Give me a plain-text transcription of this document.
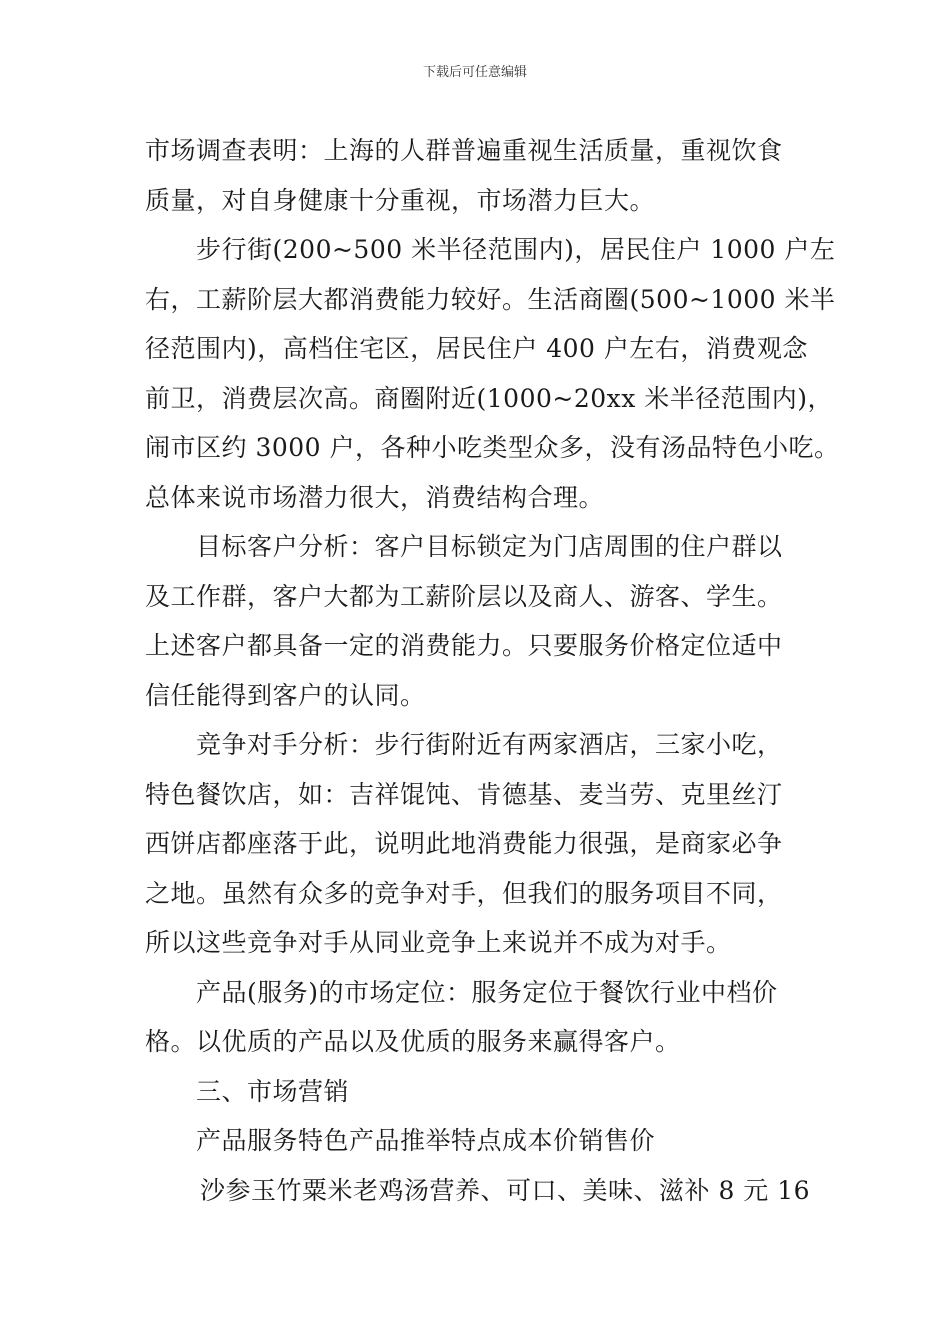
下载后可任意编辑
市场调查表明：上海的人群普遍重视生活质量，重视饮食
质量，对自身健康十分重视，市场潜力巨大。
步行街(200~500 米半径范围内)，居民住户 1000 户左
右，工薪阶层大都消费能力较好。生活商圈(500~1000 米半
径范围内)，高档住宅区，居民住户 400 户左右，消费观念
前卫，消费层次高。商圈附近(1000~20xx 米半径范围内)，
闹市区约 3000 户，各种小吃类型众多，没有汤品特色小吃。
总体来说市场潜力很大，消费结构合理。
目标客户分析：客户目标锁定为门店周围的住户群以
及工作群，客户大都为工薪阶层以及商人、游客、学生。
上述客户都具备一定的消费能力。只要服务价格定位适中
信任能得到客户的认同。
竞争对手分析：步行街附近有两家酒店，三家小吃，
特色餐饮店，如：吉祥馄饨、肯德基、麦当劳、克里丝汀
西饼店都座落于此，说明此地消费能力很强，是商家必争
之地。虽然有众多的竞争对手，但我们的服务项目不同，
所以这些竞争对手从同业竞争上来说并不成为对手。
产品(服务)的市场定位：服务定位于餐饮行业中档价
格。以优质的产品以及优质的服务来赢得客户。
三、市场营销
产品服务特色产品推举特点成本价销售价
沙参玉竹粟米老鸡汤营养、可口、美味、滋补 8 元 16
